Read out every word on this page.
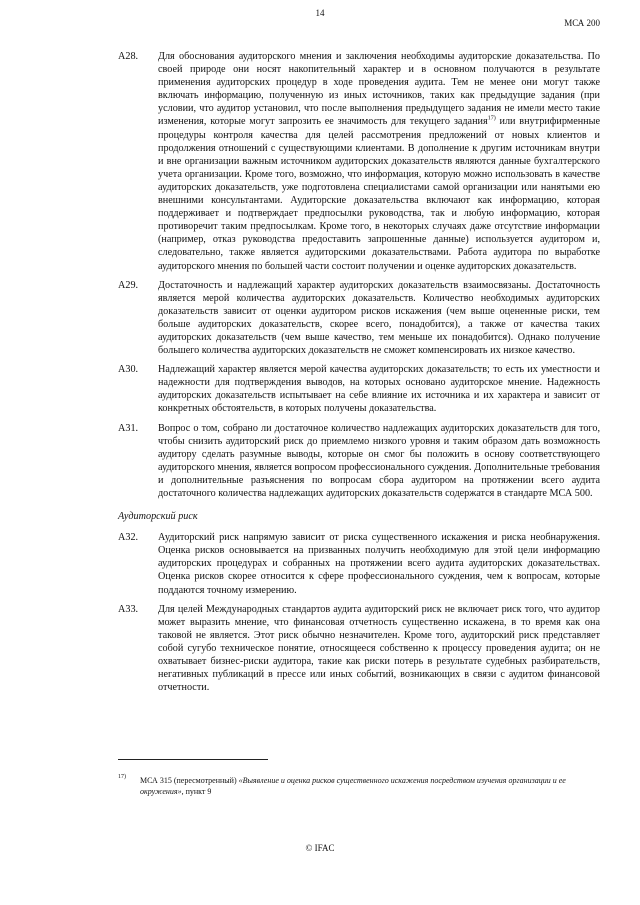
14
МСА 200
A28. Для обоснования аудиторского мнения и заключения необходимы аудиторские доказательства. По своей природе они носят накопительный характер и в основном получаются в результате применения аудиторских процедур в ходе проведения аудита. Тем не менее они могут также включать информацию, полученную из иных источников, таких как предыдущие задания (при условии, что аудитор установил, что после выполнения предыдущего задания не имели место такие изменения, которые могут запрозить ее значимость для текущего задания$^{17)}$ или внутрифирменные процедуры контроля качества для целей рассмотрения предложений от новых клиентов и продолжения отношений с существующими клиентами. В дополнение к другим источникам внутри и вне организации важным источником аудиторских доказательств являются данные бухгалтерского учета организации. Кроме того, возможно, что информация, которую можно использовать в качестве аудиторских доказательств, уже подготовлена специалистами самой организации или нанятыми ею внешними консультантами. Аудиторские доказательства включают как информацию, которая поддерживает и подтверждает предпосылки руководства, так и любую информацию, которая противоречит таким предпосылкам. Кроме того, в некоторых случаях даже отсутствие информации (например, отказ руководства предоставить запрошенные данные) используется аудитором и, следовательно, также является аудиторскими доказательствами. Работа аудитора по выработке аудиторского мнения по большей части состоит получении и оценке аудиторских доказательств.
A29. Достаточность и надлежащий характер аудиторских доказательств взаимосвязаны. Достаточность является мерой количества аудиторских доказательств. Количество необходимых аудиторских доказательств зависит от оценки аудитором рисков искажения (чем выше оцененные риски, тем больше аудиторских доказательств, скорее всего, понадобится), а также от качества таких аудиторских доказательств (чем выше качество, тем меньше их понадобится). Однако получение большего количества аудиторских доказательств не сможет компенсировать их низкое качество.
A30. Надлежащий характер является мерой качества аудиторских доказательств; то есть их уместности и надежности для подтверждения выводов, на которых основано аудиторское мнение. Надежность аудиторских доказательств испытывает на себе влияние их источника и их характера и зависит от конкретных обстоятельств, в которых получены доказательства.
A31. Вопрос о том, собрано ли достаточное количество надлежащих аудиторских доказательств для того, чтобы снизить аудиторский риск до приемлемо низкого уровня и таким образом дать возможность аудитору сделать разумные выводы, которые он смог бы положить в основу соответствующего аудиторского мнения, является вопросом профессионального суждения. Дополнительные требования и дополнительные разъяснения по вопросам сбора аудитором на протяжении всего аудита достаточного количества надлежащих аудиторских доказательств содержатся в стандарте МСА 500.
Аудиторский риск
A32. Аудиторский риск напрямую зависит от риска существенного искажения и риска необнаружения. Оценка рисков основывается на призванных получить необходимую для этой цели информацию аудиторских процедурах и собранных на протяжении всего аудита аудиторских доказательствах. Оценка рисков скорее относится к сфере профессионального суждения, чем к вопросам, которые поддаются точному измерению.
A33. Для целей Международных стандартов аудита аудиторский риск не включает риск того, что аудитор может выразить мнение, что финансовая отчетность существенно искажена, в то время как она таковой не является. Этот риск обычно незначителен. Кроме того, аудиторский риск представляет собой сугубо техническое понятие, относящееся собственно к процессу проведения аудита; он не охватывает бизнес-риски аудитора, такие как риски потерь в результате судебных разбирательств, негативных публикаций в прессе или иных событий, возникающих в связи с аудитом финансовой отчетности.
17)	МСА 315 (пересмотренный) «Выявление и оценка рисков существенного искажения посредством изучения организации и ее окружения», пункт 9
© IFAC
